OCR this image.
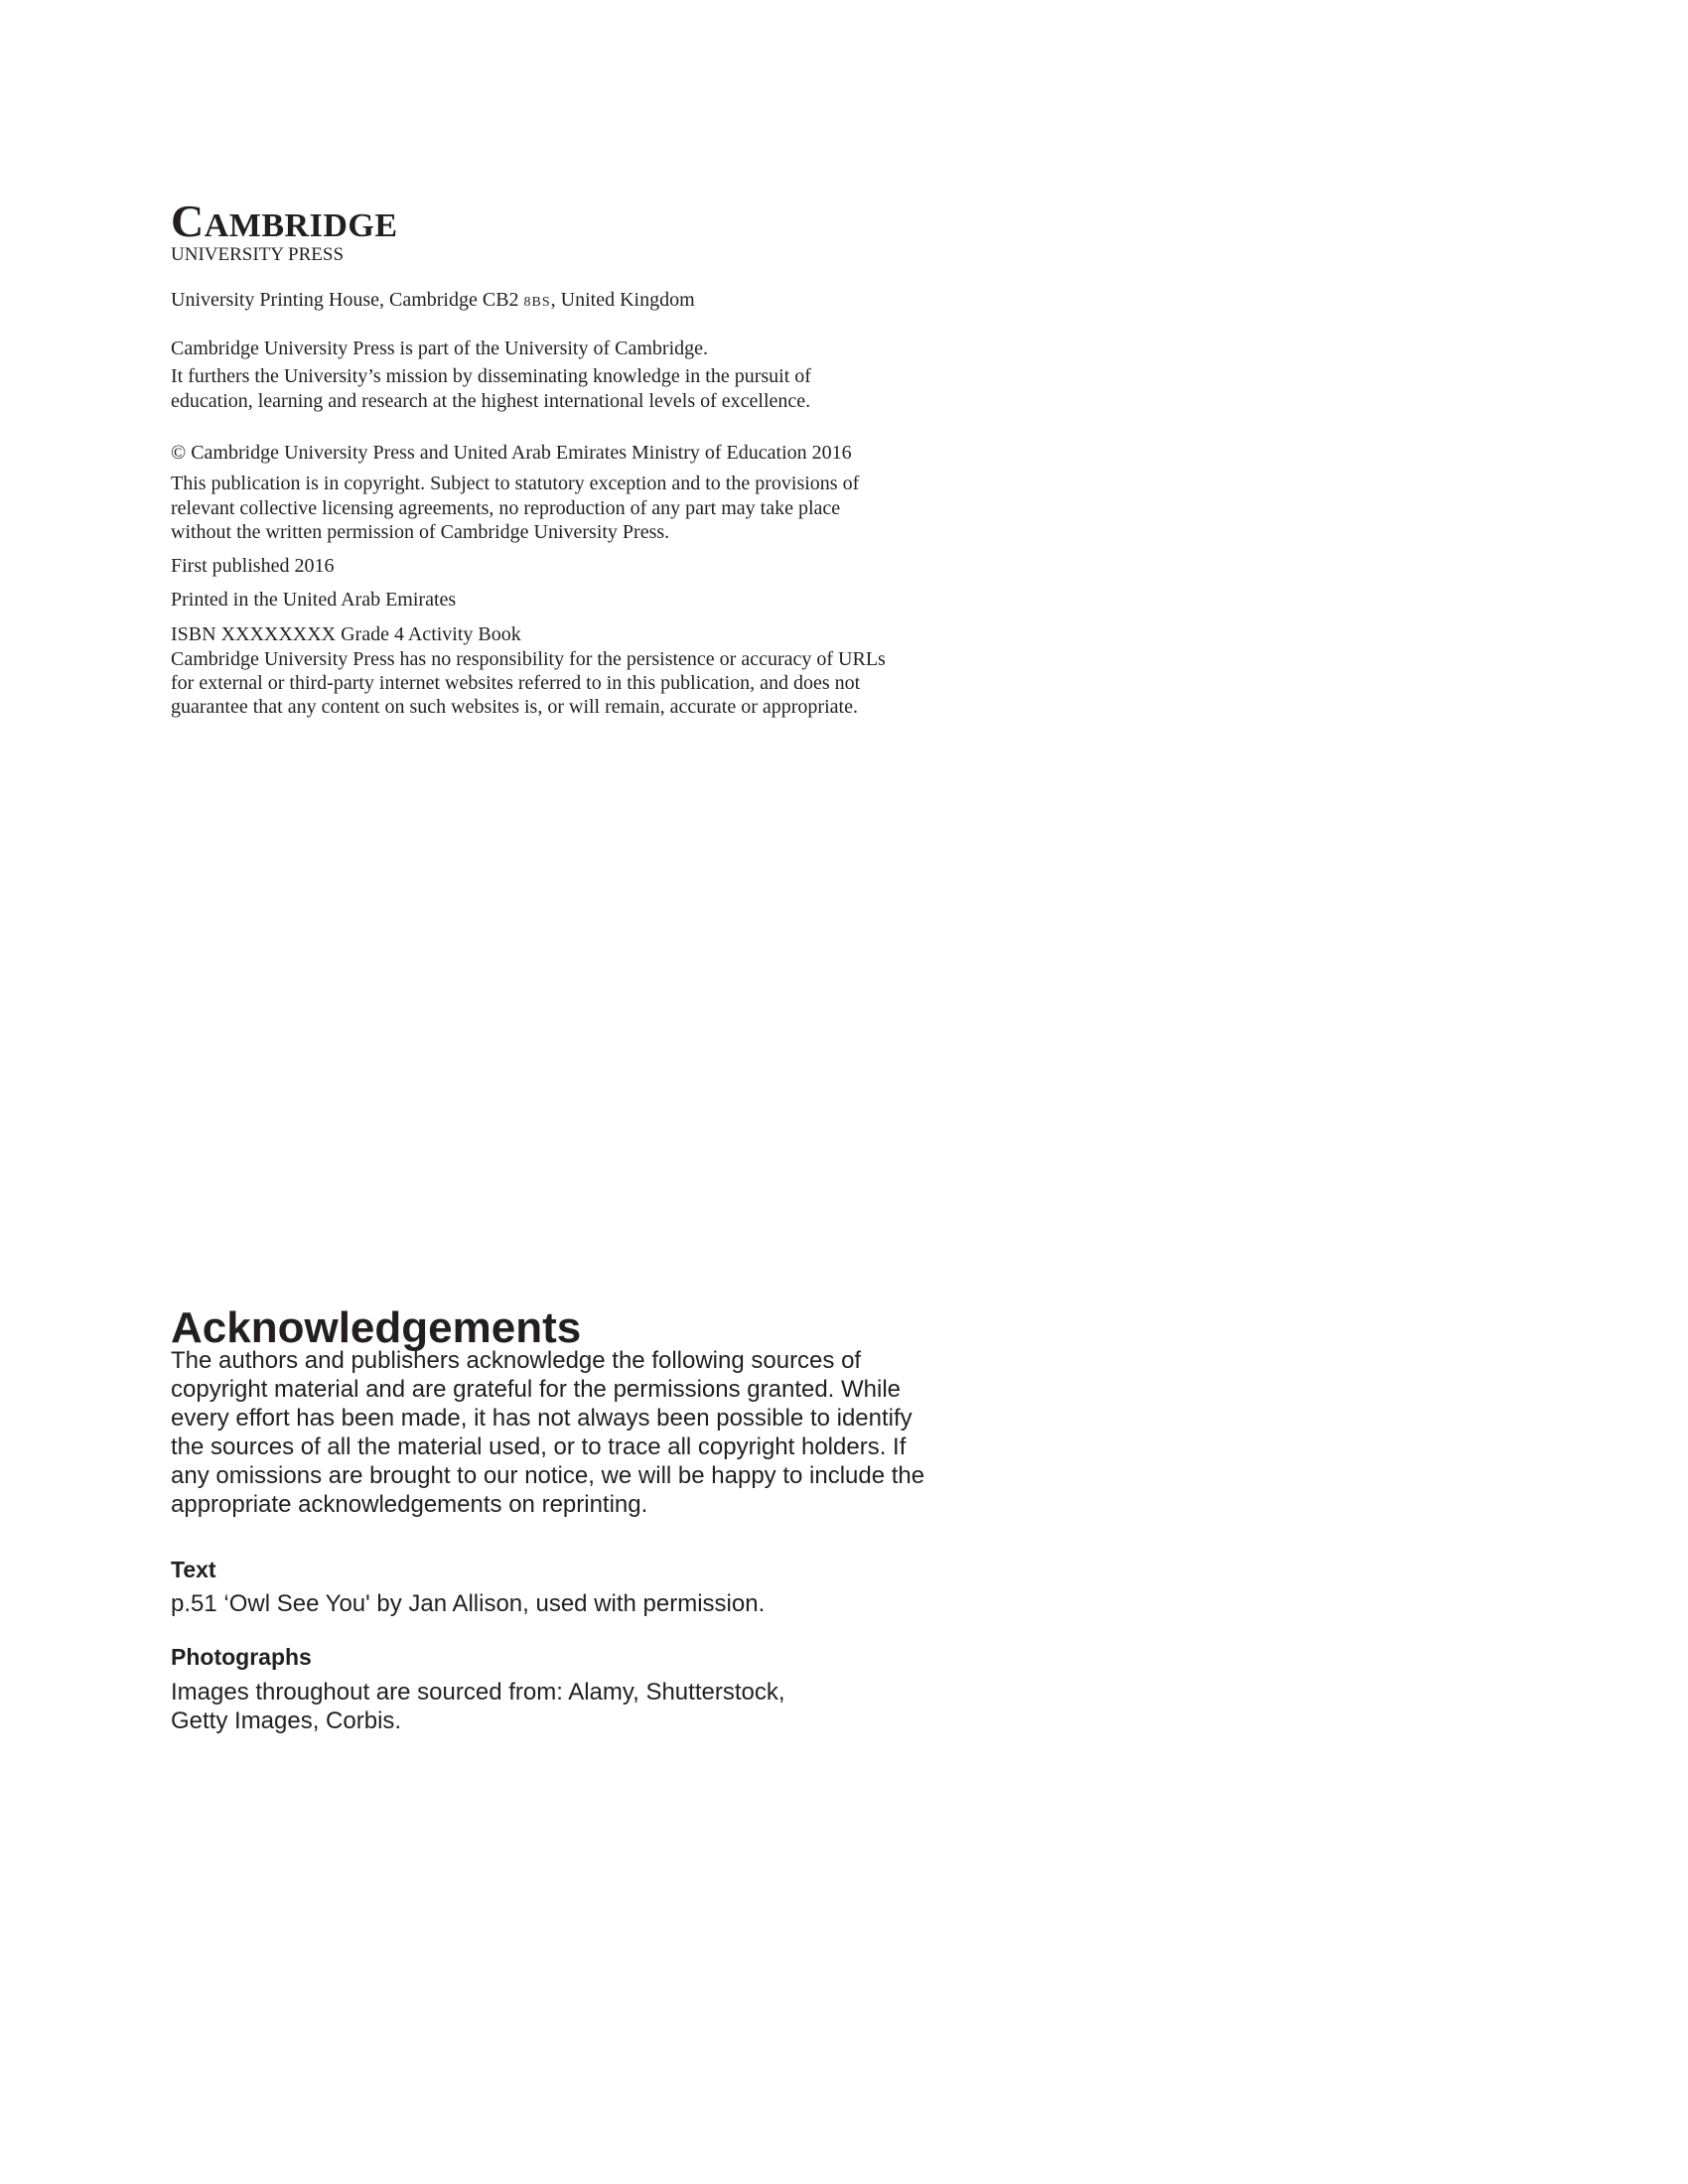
CAMBRIDGE
UNIVERSITY PRESS
University Printing House, Cambridge CB2 8BS, United Kingdom
Cambridge University Press is part of the University of Cambridge.
It furthers the University’s mission by disseminating knowledge in the pursuit of
education, learning and research at the highest international levels of excellence.
© Cambridge University Press and United Arab Emirates Ministry of Education 2016
This publication is in copyright. Subject to statutory exception and to the provisions of
relevant collective licensing agreements, no reproduction of any part may take place
without the written permission of Cambridge University Press.
First published 2016
Printed in the United Arab Emirates
ISBN XXXXXXXX Grade 4 Activity Book
Cambridge University Press has no responsibility for the persistence or accuracy of URLs
for external or third-party internet websites referred to in this publication, and does not
guarantee that any content on such websites is, or will remain, accurate or appropriate.
Acknowledgements
The authors and publishers acknowledge the following sources of
copyright material and are grateful for the permissions granted. While
every effort has been made, it has not always been possible to identify
the sources of all the material used, or to trace all copyright holders. If
any omissions are brought to our notice, we will be happy to include the
appropriate acknowledgements on reprinting.
Text
p.51 ‘Owl See You' by Jan Allison, used with permission.
Photographs
Images throughout are sourced from: Alamy, Shutterstock,
Getty Images, Corbis.
